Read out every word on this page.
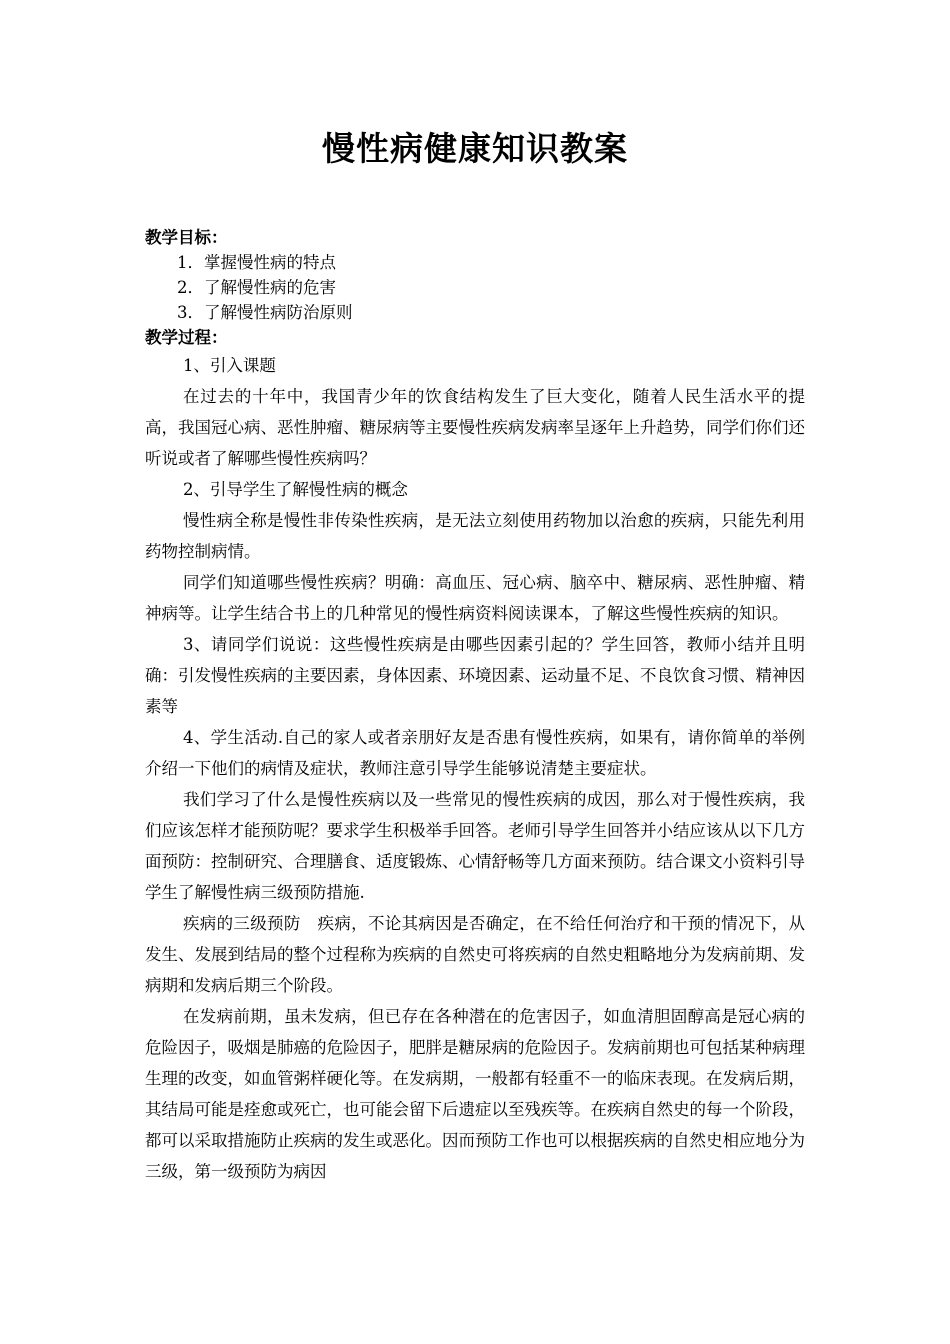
慢性病健康知识教案
教学目标：
1．掌握慢性病的特点
2．了解慢性病的危害
3．了解慢性病防治原则
教学过程：

1、引入课题

在过去的十年中，我国青少年的饮食结构发生了巨大变化，随着人民生活水平的提高，我国冠心病、恶性肿瘤、糖尿病等主要慢性疾病发病率呈逐年上升趋势，同学们你们还听说或者了解哪些慢性疾病吗？

2、引导学生了解慢性病的概念

慢性病全称是慢性非传染性疾病，是无法立刻使用药物加以治愈的疾病，只能先利用药物控制病情。

同学们知道哪些慢性疾病？明确：高血压、冠心病、脑卒中、糖尿病、恶性肿瘤、精神病等。让学生结合书上的几种常见的慢性病资料阅读课本，了解这些慢性疾病的知识。

3、请同学们说说：这些慢性疾病是由哪些因素引起的？学生回答，教师小结并且明确：引发慢性疾病的主要因素，身体因素、环境因素、运动量不足、不良饮食习惯、精神因素等

4、学生活动.自己的家人或者亲朋好友是否患有慢性疾病，如果有，请你简单的举例介绍一下他们的病情及症状，教师注意引导学生能够说清楚主要症状。

我们学习了什么是慢性疾病以及一些常见的慢性疾病的成因，那么对于慢性疾病，我们应该怎样才能预防呢？要求学生积极举手回答。老师引导学生回答并小结应该从以下几方面预防：控制研究、合理膳食、适度锻炼、心情舒畅等几方面来预防。结合课文小资料引导学生了解慢性病三级预防措施.

疾病的三级预防　疾病，不论其病因是否确定，在不给任何治疗和干预的情况下，从发生、发展到结局的整个过程称为疾病的自然史可将疾病的自然史粗略地分为发病前期、发病期和发病后期三个阶段。

在发病前期，虽未发病，但已存在各种潜在的危害因子，如血清胆固醇高是冠心病的危险因子，吸烟是肺癌的危险因子，肥胖是糖尿病的危险因子。发病前期也可包括某种病理生理的改变，如血管粥样硬化等。在发病期，一般都有轻重不一的临床表现。在发病后期，其结局可能是痊愈或死亡，也可能会留下后遗症以至残疾等。在疾病自然史的每一个阶段，都可以采取措施防止疾病的发生或恶化。因而预防工作也可以根据疾病的自然史相应地分为三级，第一级预防为病因
